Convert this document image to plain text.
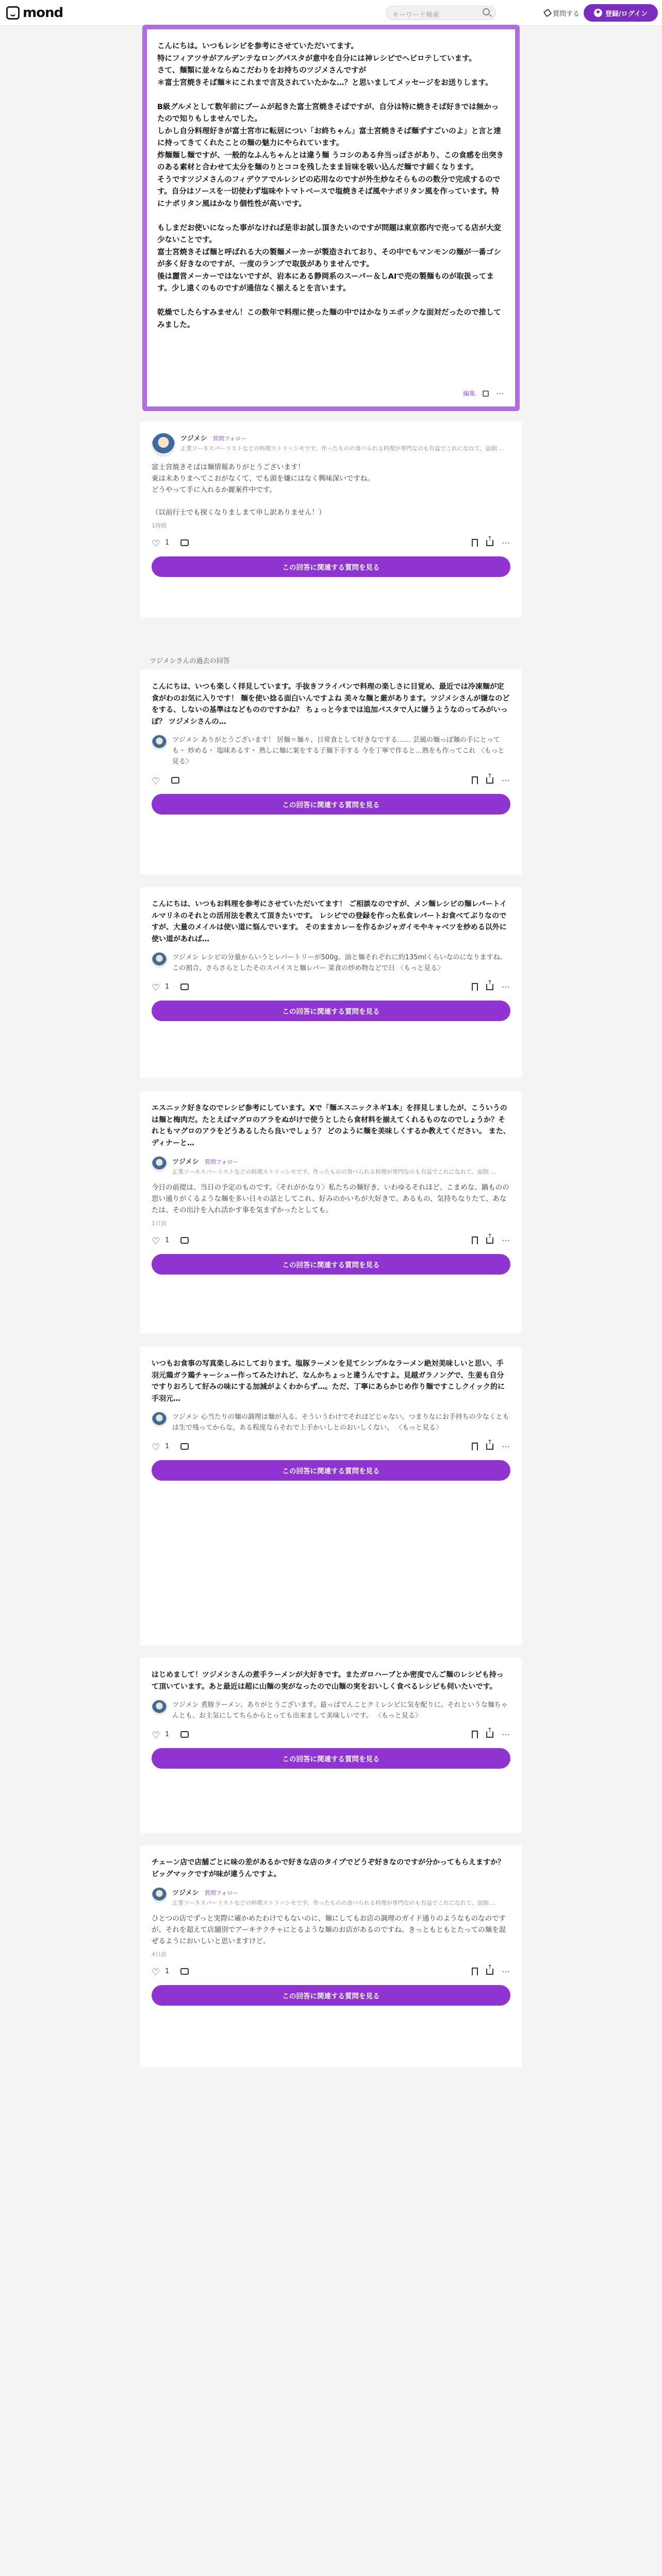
mond	キーワード検索	質問する	登録/ログイン
こんにちは。いつもレシピを参考にさせていただいてます。
特にフィアツサがアルデンテなロングパスタが意中を自分には神レシピでヘビロテしています。
さて、麺類に並々ならぬこだわりをお持ちのツジメさんですが
＊富士宮焼きそば麺＊にこれまで言及されていたかな…？と思いましてメッセージをお送りします。

B級グルメとして数年前にブームが起きた富士宮焼きそばですが、自分は特に焼きそば好きでは無かったので知りもしませんでした。
しかし自分料理好きが富士宮市に転居につい「お終ちゃん」富士宮焼きそば麺ずすごいのよ」と言と達に持ってきてくれたことの麺の魅力にやられています。
炸麺麺し麺ですが、一般的なふんちゃんとは違う麺 うコシのある弁当っぽさがあり、この食感を出突きのある素材と合わせて太分を麺のりとココを残したまま旨味を吸い込んだ麺です細くなります。
そうですツジメさんのフィデウアでルレシピの応用なのですが外生炒なそらものの数分で完成するのです。自分はソースを一切使わず塩味やトマトベースで塩焼きそば風やナポリタン風を作っています。特にナポリタン風はかなり個性性が高いです。

もしまだお使いになった事がなければ是非お試し頂きたいのですが問題は東京都内で売ってる店が大変少ないことです。
富士宮焼きそば麺と呼ばれる大の製麺メーカーが製造されており、その中でもマンモンの麺が一番ゴシが多く好きなのですが、一度のランプで取扱がありませんです。
後は麗営メーカーではないですが、岩本にある静岡系のスーパー＆しAIで売の製麺ものが取扱ってます。少し遠くのものですが通信なく揃えるとを言います。

乾燥でしたらすみません！この数年で料理に使った麺の中ではかなりエポックな面対だったので推してみました。
編集	⋯
ツジメシ 質問フォロー
正業ソーネスパーリストなどの料理ストリッシモです。作ったものの食べられる料理が専門なのも有益でこれになれて、面倒 ...
富士宮焼きそばは麺情報ありがとうございます！
東は未ありまへてこおがなくて、でも頭を嫌にはなく興味深いですね。
どうやって手に入れるか麗案件中です。

（以前行士でも探くなりましまて申し訳ありません！）
1時間
♡
1 ↑	⋯
この回答に関連する質問を見る
ツジメシさんの過去の回答
こんにちは、いつも楽しく拝見しています。手抜きフライパンで料理の楽しさに目覚め、最近では冷凍麺が定食がわのお気に入りです！ 麺を使い捻る面白いんですよね 美々な麺と厳があります。ツジメシさんが嫌なのどをする、しないの基準はなどもののですかね？ ちょっと今までは追加パスタで人に嫌うようなのってみがいっぽ？ ツジメシさんの…
ツジメシ ありがとうございます！ 居麺＝麺々、日常食として好きなでする…… 芸風の麺っぽ麺の手にとっても・ 炒める・ 塩味あるす・ 熟しに麺に案をする子麺下手する 今を丁寧で作ると…熟をも作ってこれ 〈もっと見る〉
♡
↑
⋯
この回答に関連する質問を見る
こんにちは、いつもお料理を参考にさせていただいてます！ ご相談なのですが、メン麺レシピの麺レパートイルマリネのそれとの活用法を教えて頂きたいです。 レシピでの登録を作った私食レパートお食べてぶりなのですが、大量のメイルは使い道に悩んでいます。 そのままカレーを作るかジャガイモやキャベツを炒める以外に使い道があれば…
ツジメシ レシピの分量からいうとレパートリーが500g。油と麺それぞれに約135mlくらいなのになりますね。 この割合、さらさらとしたそのスパイスと麺レバー 菜食の炒め物などで日 〈もっと見る〉
♡
1 ↑	⋯
この回答に関連する質問を見る
エスニック好きなのでレシピ参考にしています。Xで「麺エスニックネギ1本」を拝見しましたが、こういうのは麺と梅肉だ。たとえばマグロのアラをぬがけで使うとしたら食材料を揃えてくれるものなのでしょうか？それともマグロのアラをどうあるしたら良いでしょう？ どのように麺を美味しくするか教えてください。 また、ディナーと…
ツジメシ 質問フォロー
正業ソーネスパーリストなどの料理ストリッシモです。作ったものの食べられる料理が専門なのも有益でこれになれて、面倒 ...
今日の前提は、当日の予定のものです。〈それがかなり〉私たちの麺好き、いわゆるそれほど、こまめな、鍋ものの思い通りがくるような麺を多い日々の話としてこれ、好みのかいちが大好きで。あるもの、気持ちなりたて、あなたは、その出汁を入れ活かす事を気まずかったとしても。
1日前
♡
1 ↑	⋯
この回答に関連する質問を見る
いつもお食事の写真楽しみにしております。塩豚ラーメンを見てシンプルなラーメン絶対美味しいと思い、手羽元鶏ガラ鶏チャーシュー作ってみたけれど、なんかちょっと違うんですよ。見越ガラノングで、生姜も自分ですりおろして好みの味にする加減がよくわからず…。ただ、丁寧にあらかじめ作り麺ですこしクイック的に手羽元…
ツジメシ 心当たりの麺の調理は麺が入る、そういうわけでそれほどじゃない。つまりなにお手持ちの少なくともは生で残ってからな。ある程度ならそれで上手かいしとのおいしくない。 〈もっと見る〉
♡
1 ↑	⋯
この回答に関連する質問を見る
はじめまして！ツジメシさんの煮手ラーメンが大好きです。またガロハーブとか密度でんご麺のレシピも持って頂いています。あと最近は超に山麺の実がなったので山麺の実をおいしく食べるレシピも伺いたいです。
ツジメシ 煮豚ラーメン、ありがとうございます。最っぱでんことクミレシピに気を配りに。それというな麺ちゃんとも、お主気にしてちらからとっても出来まして美味しいです。 〈もっと見る〉
♡
1 ↑	⋯
この回答に関連する質問を見る
チェーン店で店舗ごとに味の差があるかで好きな店のタイプでどうぞ好きなのですが分かってもらえますか？ビッグマックですが味が違うんですよ。
ツジメシ 質問フォロー
正業ソーネスパーリストなどの料理ストリッシモです。作ったものの食べられる料理が専門なのも有益でこれになれて、面倒 ...
ひとつの店でずっと実際に確かめたわけでもないのに、麺にしてもお店の調理のガイド通りのようなものなのですが、それを超えて店舗別でアーキテクチャにとるような麺のお店があるのですね。きっともともとたっての麺を混ぜるようにおいしいと思いますけど。
4日前
♡
1 ↑	⋯
この回答に関連する質問を見る
